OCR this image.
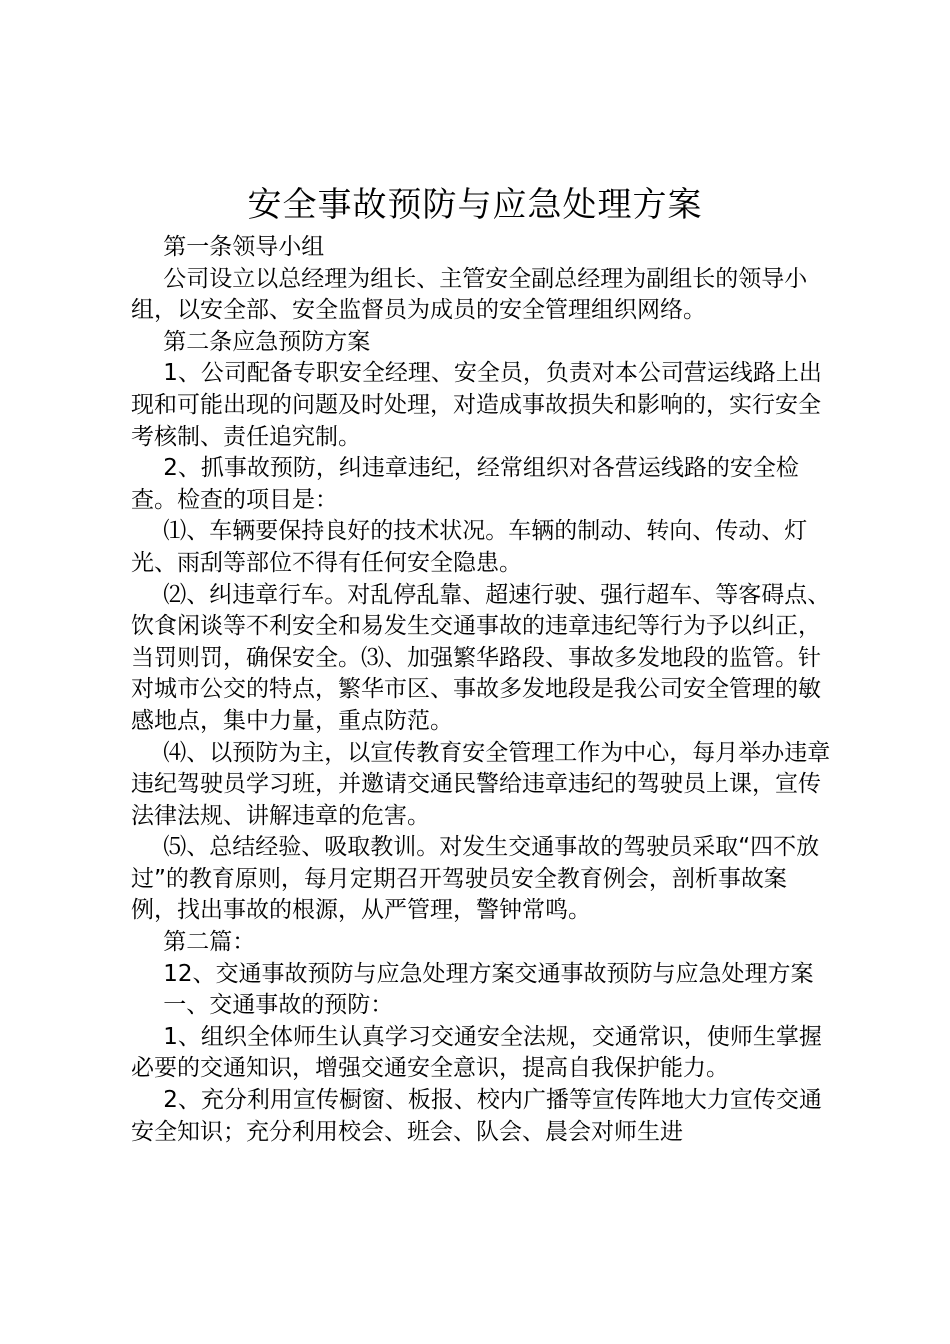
安全事故预防与应急处理方案

第一条领导小组

公司设立以总经理为组长、主管安全副总经理为副组长的领导小组，以安全部、安全监督员为成员的安全管理组织网络。

第二条应急预防方案

1、公司配备专职安全经理、安全员，负责对本公司营运线路上出现和可能出现的问题及时处理，对造成事故损失和影响的，实行安全考核制、责任追究制。

2、抓事故预防，纠违章违纪，经常组织对各营运线路的安全检查。检查的项目是：

⑴、车辆要保持良好的技术状况。车辆的制动、转向、传动、灯光、雨刮等部位不得有任何安全隐患。

⑵、纠违章行车。对乱停乱靠、超速行驶、强行超车、等客碍点、饮食闲谈等不利安全和易发生交通事故的违章违纪等行为予以纠正，当罚则罚，确保安全。⑶、加强繁华路段、事故多发地段的监管。针对城市公交的特点，繁华市区、事故多发地段是我公司安全管理的敏感地点，集中力量，重点防范。

⑷、以预防为主，以宣传教育安全管理工作为中心，每月举办违章违纪驾驶员学习班，并邀请交通民警给违章违纪的驾驶员上课，宣传法律法规、讲解违章的危害。

⑸、总结经验、吸取教训。对发生交通事故的驾驶员采取“四不放过”的教育原则，每月定期召开驾驶员安全教育例会，剖析事故案例，找出事故的根源，从严管理，警钟常鸣。

第二篇：

12、交通事故预防与应急处理方案交通事故预防与应急处理方案

一、交通事故的预防：

1、组织全体师生认真学习交通安全法规，交通常识，使师生掌握必要的交通知识，增强交通安全意识，提高自我保护能力。

2、充分利用宣传橱窗、板报、校内广播等宣传阵地大力宣传交通安全知识；充分利用校会、班会、队会、晨会对师生进
